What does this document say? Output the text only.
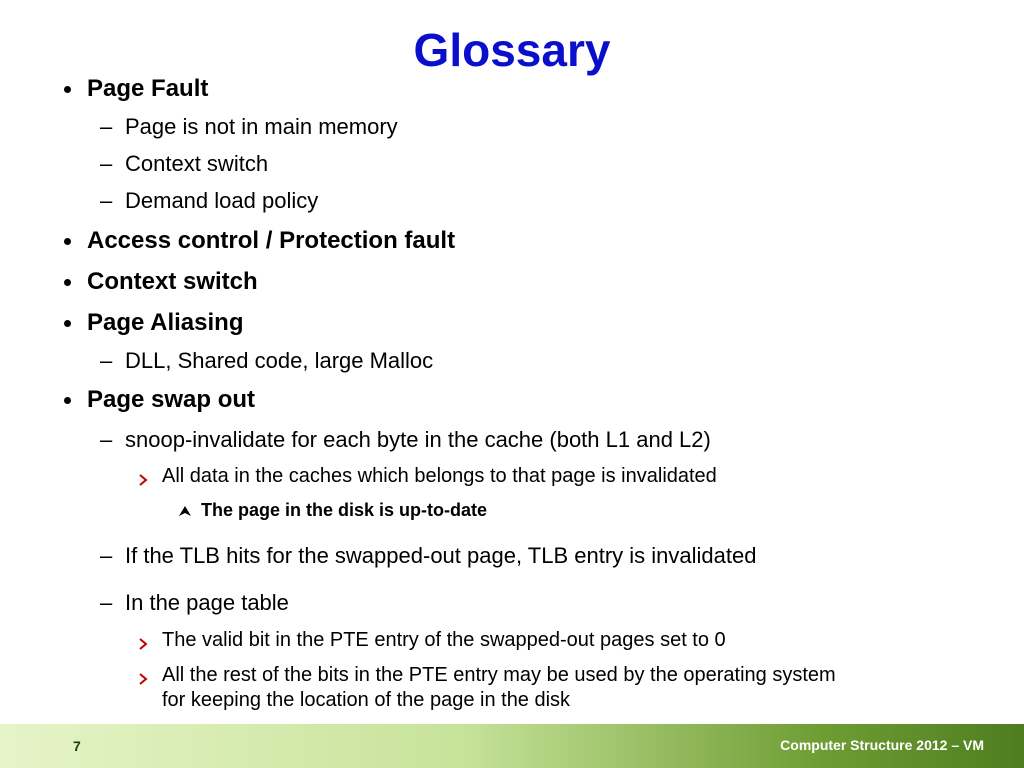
Glossary
Page Fault
– Page is not in main memory
– Context switch
– Demand load policy
Access control / Protection fault
Context switch
Page Aliasing
– DLL, Shared code, large Malloc
Page swap out
– snoop-invalidate for each byte in the cache (both L1 and L2)
All data in the caches which belongs to that page is invalidated
The page in the disk is up-to-date
– If the TLB hits for the swapped-out page, TLB entry is invalidated
– In the page table
The valid bit in the PTE entry of the swapped-out pages set to 0
All the rest of the bits in the PTE entry may be used by the operating system
for keeping the location of the page in the disk
7	Computer Structure 2012 – VM
